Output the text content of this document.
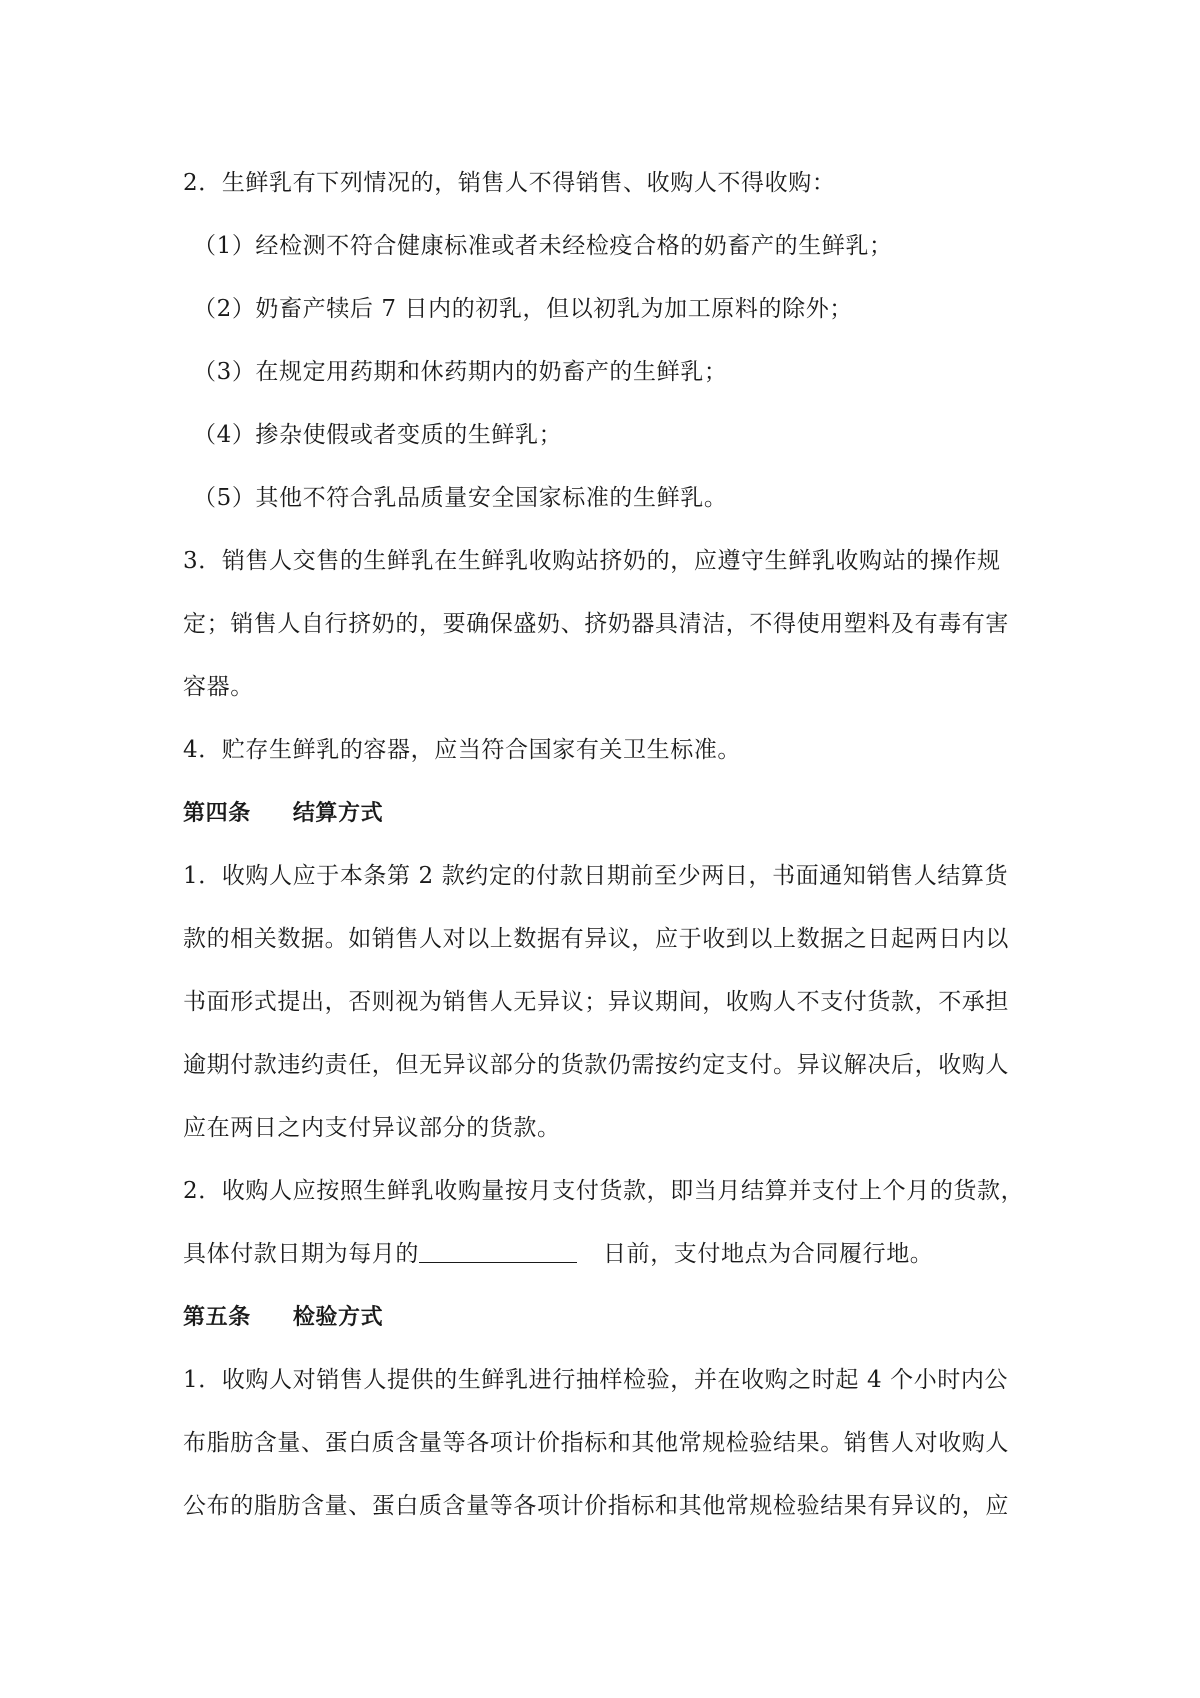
2．生鲜乳有下列情况的，销售人不得销售、收购人不得收购：
（1）经检测不符合健康标准或者未经检疫合格的奶畜产的生鲜乳；
（2）奶畜产犊后 7 日内的初乳，但以初乳为加工原料的除外；
（3）在规定用药期和休药期内的奶畜产的生鲜乳；
（4）掺杂使假或者变质的生鲜乳；
（5）其他不符合乳品质量安全国家标准的生鲜乳。
3．销售人交售的生鲜乳在生鲜乳收购站挤奶的，应遵守生鲜乳收购站的操作规
定；销售人自行挤奶的，要确保盛奶、挤奶器具清洁，不得使用塑料及有毒有害
容器。
4．贮存生鲜乳的容器，应当符合国家有关卫生标准。
第四条 结算方式
1．收购人应于本条第 2 款约定的付款日期前至少两日，书面通知销售人结算货
款的相关数据。如销售人对以上数据有异议，应于收到以上数据之日起两日内以
书面形式提出，否则视为销售人无异议；异议期间，收购人不支付货款，不承担
逾期付款违约责任，但无异议部分的货款仍需按约定支付。异议解决后，收购人
应在两日之内支付异议部分的货款。
2．收购人应按照生鲜乳收购量按月支付货款，即当月结算并支付上个月的货款，
具体付款日期为每月的	日前，支付地点为合同履行地。
第五条 检验方式
1．收购人对销售人提供的生鲜乳进行抽样检验，并在收购之时起 4 个小时内公
布脂肪含量、蛋白质含量等各项计价指标和其他常规检验结果。销售人对收购人
公布的脂肪含量、蛋白质含量等各项计价指标和其他常规检验结果有异议的，应
